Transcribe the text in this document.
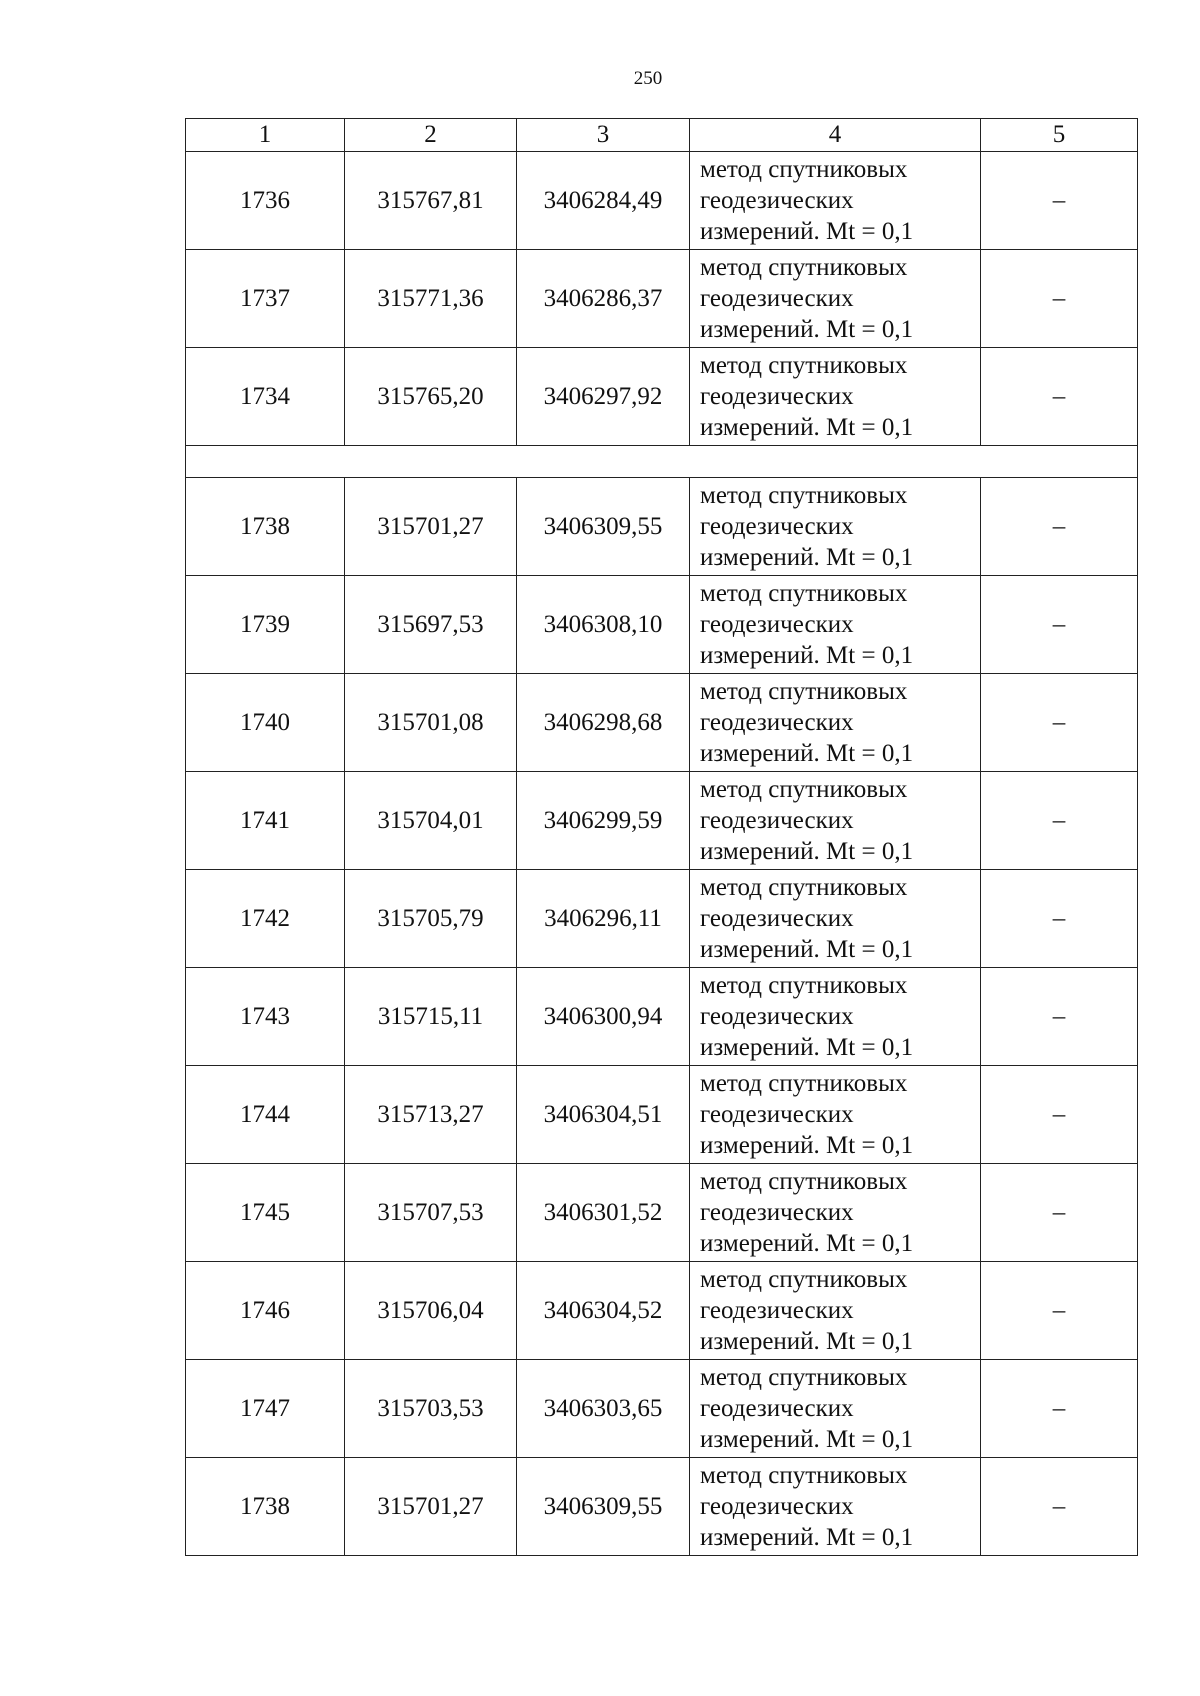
250
1	2	3	4	5
1736	315767,81	3406284,49	метод спутниковых
геодезических
измерений. Mt = 0,1	–
1737	315771,36	3406286,37	метод спутниковых
геодезических
измерений. Mt = 0,1	–
1734	315765,20	3406297,92	метод спутниковых
геодезических
измерений. Mt = 0,1	–

1738	315701,27	3406309,55	метод спутниковых
геодезических
измерений. Mt = 0,1	–
1739	315697,53	3406308,10	метод спутниковых
геодезических
измерений. Mt = 0,1	–
1740	315701,08	3406298,68	метод спутниковых
геодезических
измерений. Mt = 0,1	–
1741	315704,01	3406299,59	метод спутниковых
геодезических
измерений. Mt = 0,1	–
1742	315705,79	3406296,11	метод спутниковых
геодезических
измерений. Mt = 0,1	–
1743	315715,11	3406300,94	метод спутниковых
геодезических
измерений. Mt = 0,1	–
1744	315713,27	3406304,51	метод спутниковых
геодезических
измерений. Mt = 0,1	–
1745	315707,53	3406301,52	метод спутниковых
геодезических
измерений. Mt = 0,1	–
1746	315706,04	3406304,52	метод спутниковых
геодезических
измерений. Mt = 0,1	–
1747	315703,53	3406303,65	метод спутниковых
геодезических
измерений. Mt = 0,1	–
1738	315701,27	3406309,55	метод спутниковых
геодезических
измерений. Mt = 0,1	–
